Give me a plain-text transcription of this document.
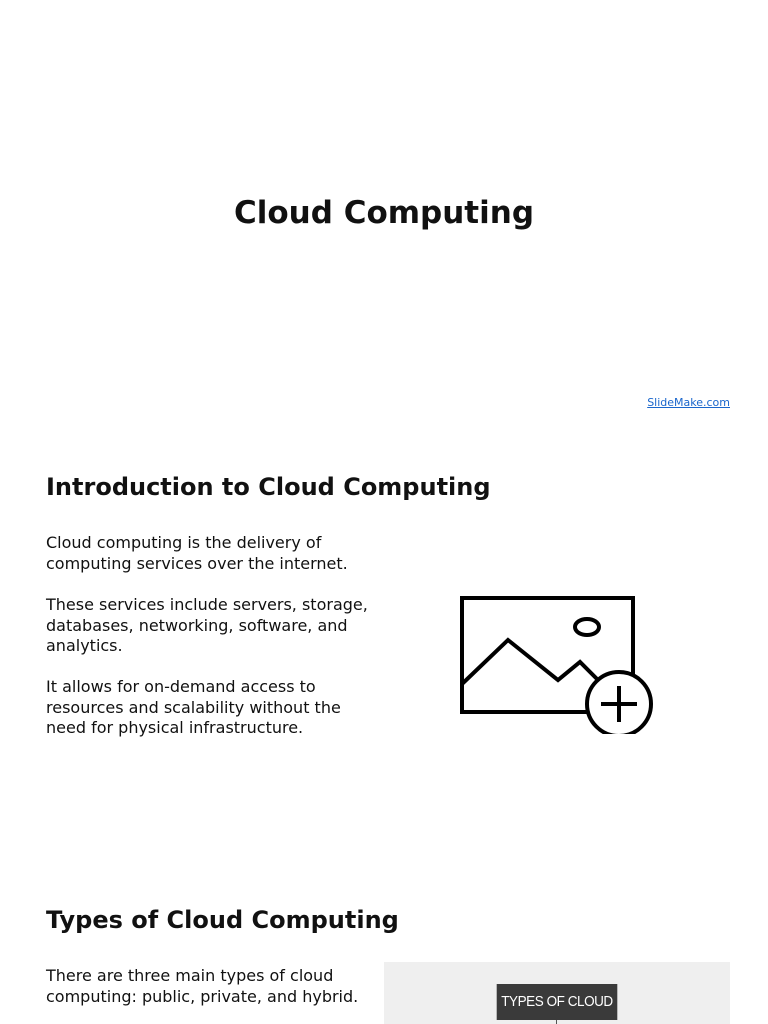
Cloud Computing
SlideMake.com
Introduction to Cloud Computing

Cloud computing is the delivery of computing services over the internet.

These services include servers, storage, databases, networking, software, and analytics.

It allows for on-demand access to resources and scalability without the need for physical infrastructure.

Types of Cloud Computing

There are three main types of cloud computing: public, private, and hybrid.	TYPES OF CLOUD
